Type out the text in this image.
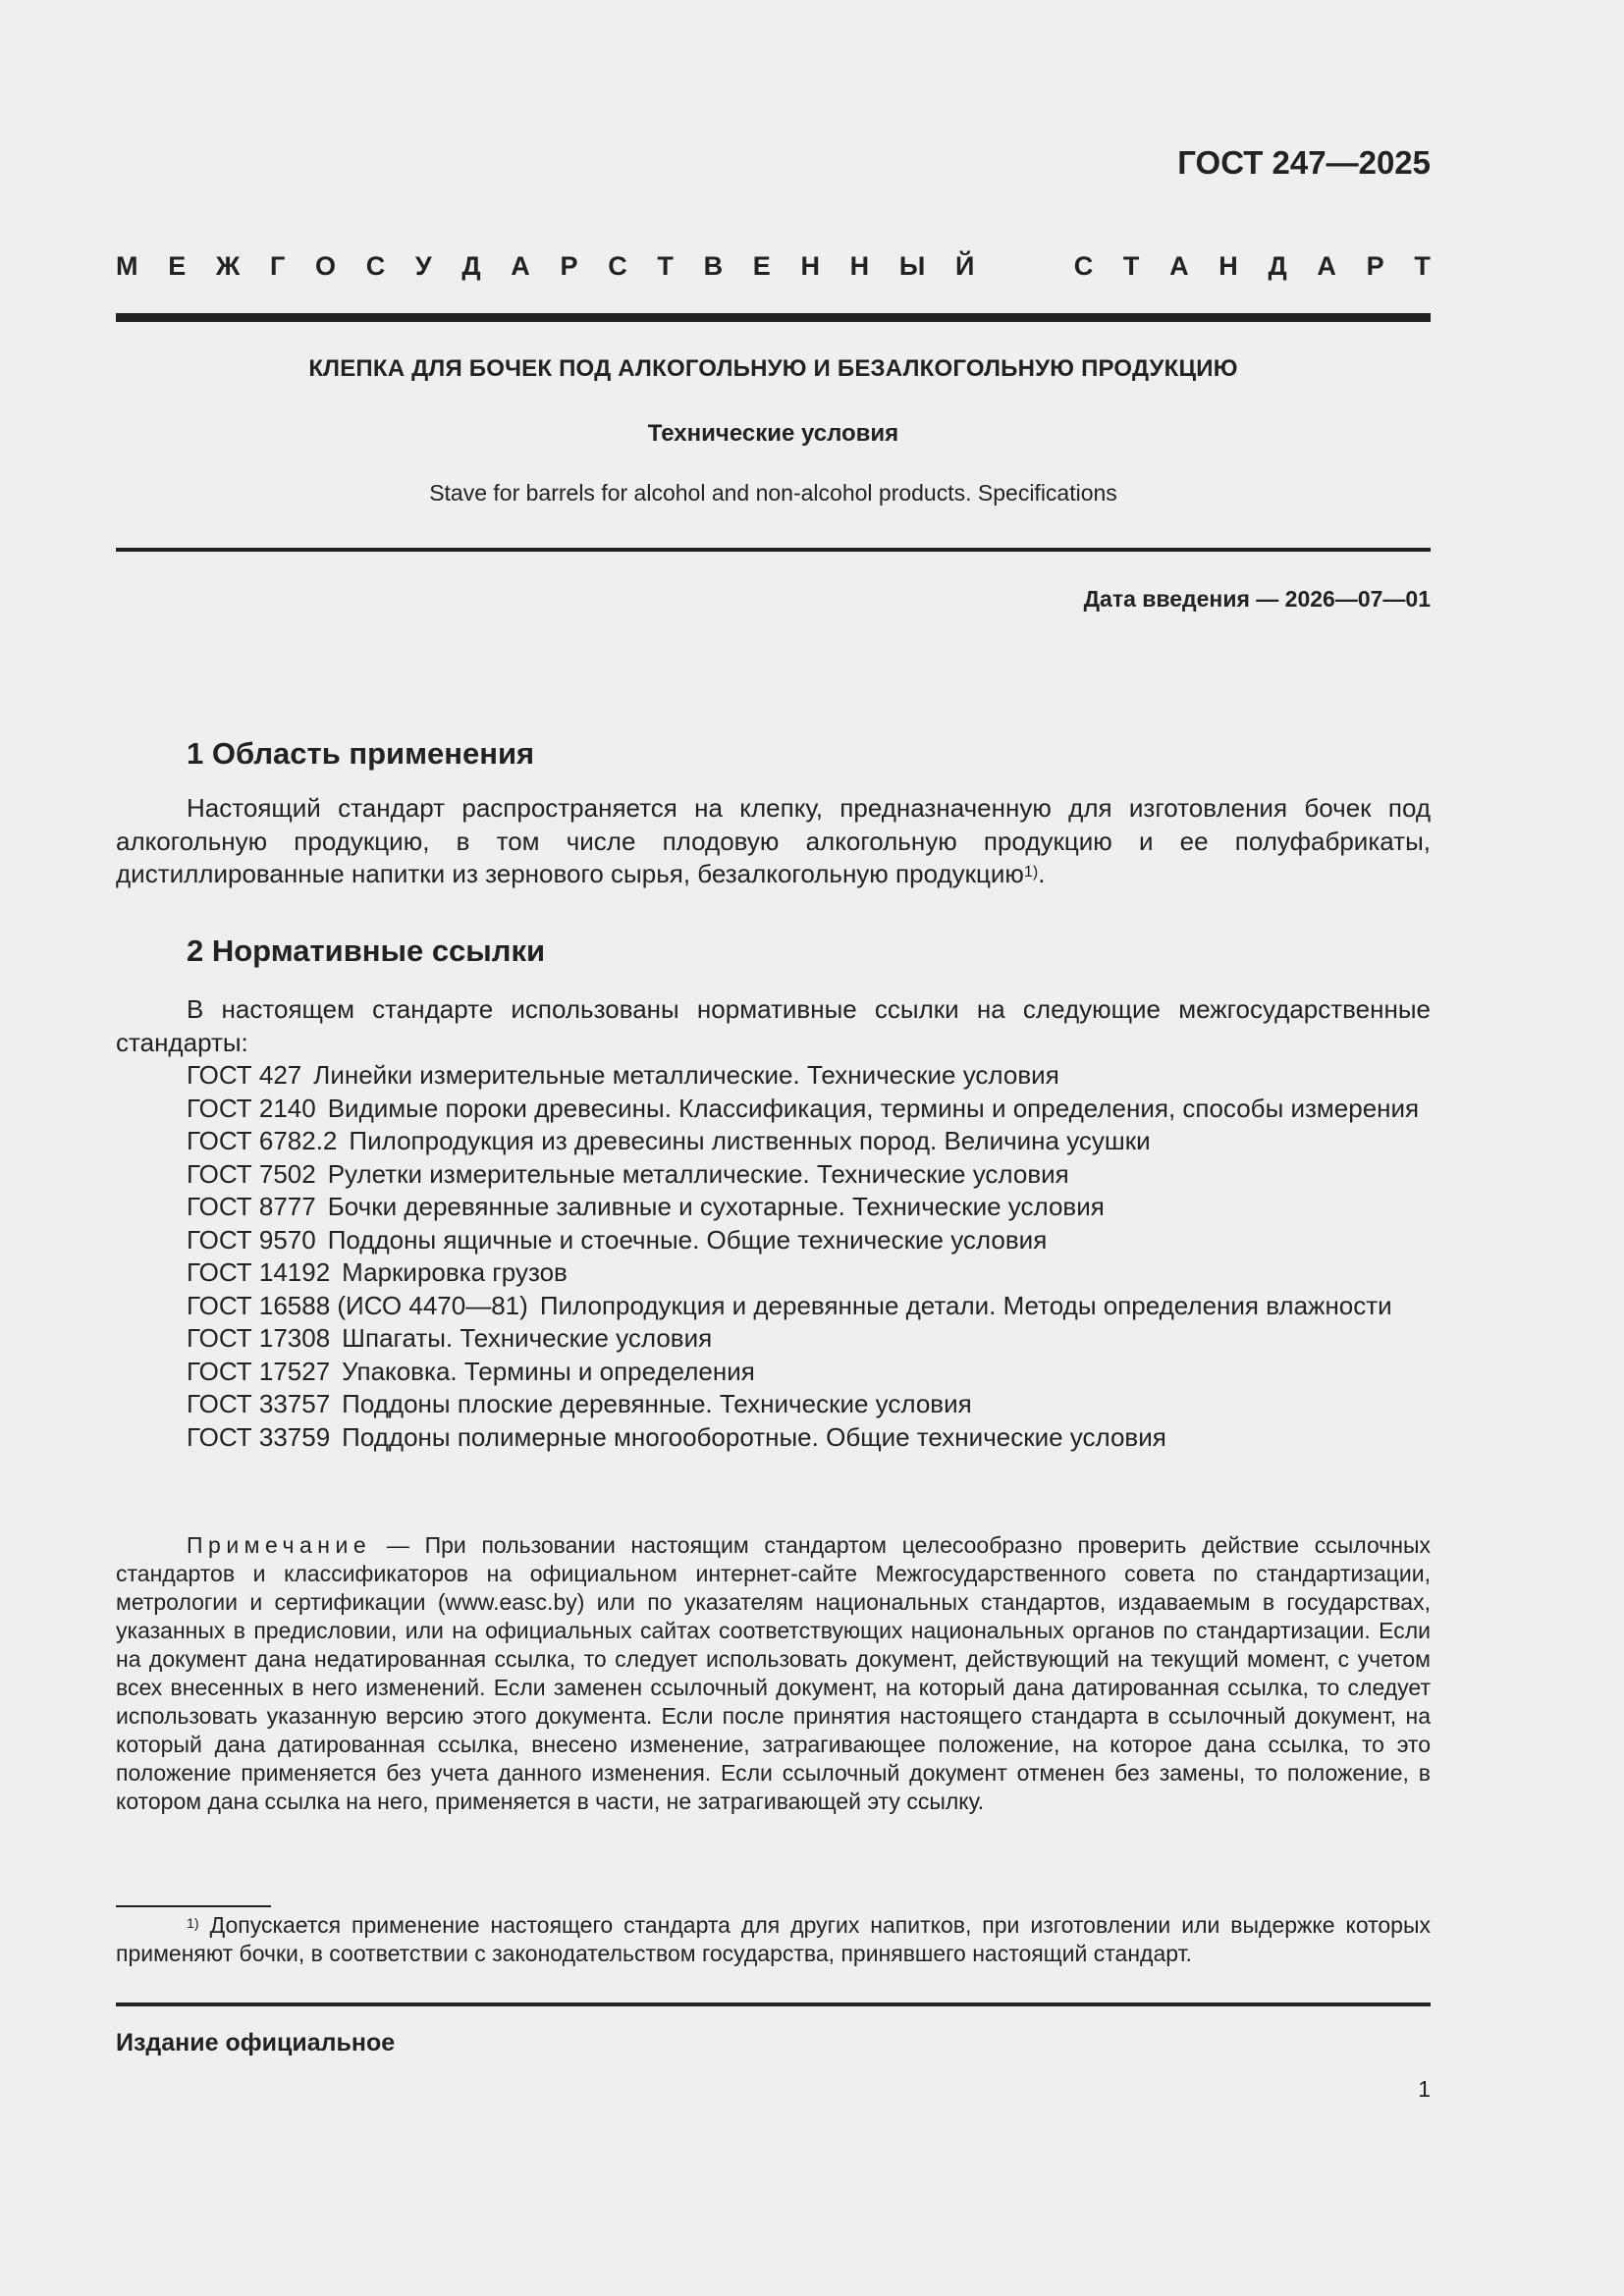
ГОСТ 247—2025
М Е Ж Г О С У Д А Р С Т В Е Н Н Ы Й	С Т А Н Д А Р Т
КЛЕПКА ДЛЯ БОЧЕК ПОД АЛКОГОЛЬНУЮ И БЕЗАЛКОГОЛЬНУЮ ПРОДУКЦИЮ
Технические условия
Stave for barrels for alcohol and non-alcohol products. Specifications
Дата введения — 2026—07—01
1 Область применения

Настоящий стандарт распространяется на клепку, предназначенную для изготовления бочек под алкогольную продукцию, в том числе плодовую алкогольную продукцию и ее полуфабрикаты, дистиллированные напитки из зернового сырья, безалкогольную продукцию$^{1)}$.

2 Нормативные ссылки

В настоящем стандарте использованы нормативные ссылки на следующие межгосударственные стандарты:

ГОСТ 427 Линейки измерительные металлические. Технические условия
ГОСТ 2140 Видимые пороки древесины. Классификация, термины и определения, способы измерения
ГОСТ 6782.2 Пилопродукция из древесины лиственных пород. Величина усушки
ГОСТ 7502 Рулетки измерительные металлические. Технические условия
ГОСТ 8777 Бочки деревянные заливные и сухотарные. Технические условия
ГОСТ 9570 Поддоны ящичные и стоечные. Общие технические условия
ГОСТ 14192 Маркировка грузов
ГОСТ 16588 (ИСО 4470—81) Пилопродукция и деревянные детали. Методы определения влажности
ГОСТ 17308 Шпагаты. Технические условия
ГОСТ 17527 Упаковка. Термины и определения
ГОСТ 33757 Поддоны плоские деревянные. Технические условия
ГОСТ 33759 Поддоны полимерные многооборотные. Общие технические условия
Примечание — При пользовании настоящим стандартом целесообразно проверить действие ссылочных стандартов и классификаторов на официальном интернет-сайте Межгосударственного совета по стандартизации, метрологии и сертификации (www.easc.by) или по указателям национальных стандартов, издаваемым в государствах, указанных в предисловии, или на официальных сайтах соответствующих национальных органов по стандартизации. Если на документ дана недатированная ссылка, то следует использовать документ, действующий на текущий момент, с учетом всех внесенных в него изменений. Если заменен ссылочный документ, на который дана датированная ссылка, то следует использовать указанную версию этого документа. Если после принятия настоящего стандарта в ссылочный документ, на который дана датированная ссылка, внесено изменение, затрагивающее положение, на которое дана ссылка, то это положение применяется без учета данного изменения. Если ссылочный документ отменен без замены, то положение, в котором дана ссылка на него, применяется в части, не затрагивающей эту ссылку.
$^{1)}$ Допускается применение настоящего стандарта для других напитков, при изготовлении или выдержке которых применяют бочки, в соответствии с законодательством государства, принявшего настоящий стандарт.
Издание официальное
1
